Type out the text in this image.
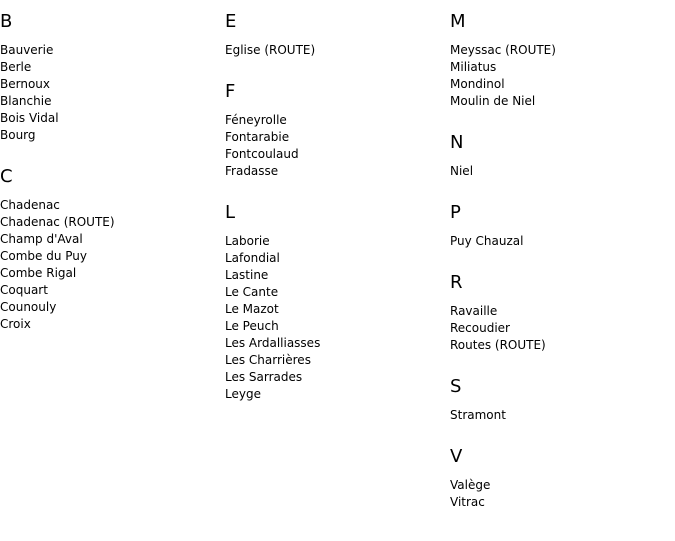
B
Bauverie
Berle
Bernoux
Blanchie
Bois Vidal
Bourg
C
Chadenac
Chadenac (ROUTE)
Champ d'Aval
Combe du Puy
Combe Rigal
Coquart
Counouly
Croix
E
Eglise (ROUTE)
F
Féneyrolle
Fontarabie
Fontcoulaud
Fradasse
L
Laborie
Lafondial
Lastine
Le Cante
Le Mazot
Le Peuch
Les Ardalliasses
Les Charrières
Les Sarrades
Leyge
M
Meyssac (ROUTE)
Miliatus
Mondinol
Moulin de Niel
N
Niel
P
Puy Chauzal
R
Ravaille
Recoudier
Routes (ROUTE)
S
Stramont
V
Valège
Vitrac
